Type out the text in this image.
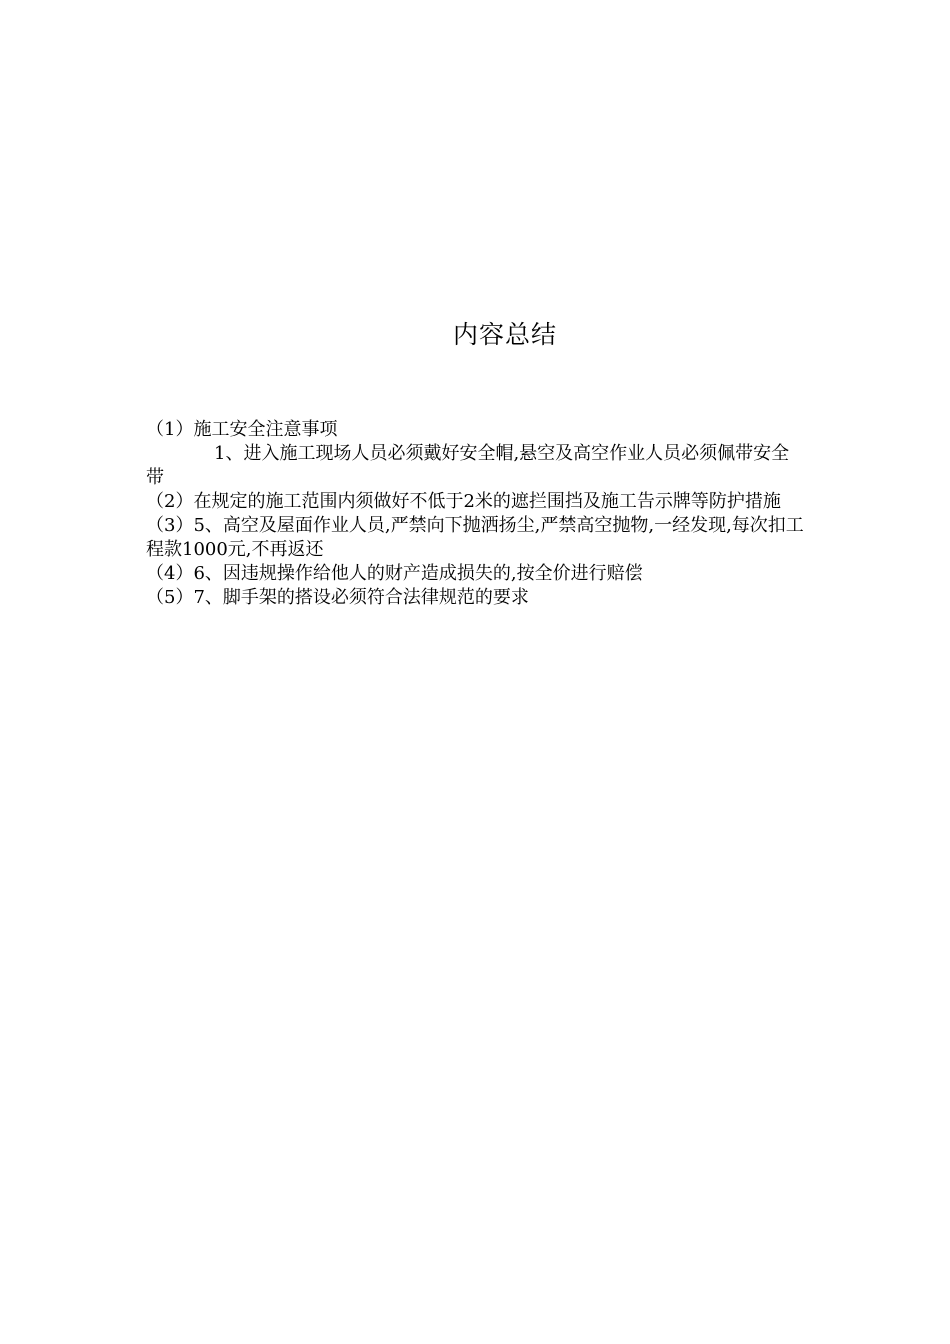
内容总结

（1）施工安全注意事项

1、进入施工现场人员必须戴好安全帽,悬空及高空作业人员必须佩带安全带

（2）在规定的施工范围内须做好不低于2米的遮拦围挡及施工告示牌等防护措施

（3）5、高空及屋面作业人员,严禁向下抛洒扬尘,严禁高空抛物,一经发现,每次扣工程款1000元,不再返还

（4）6、因违规操作给他人的财产造成损失的,按全价进行赔偿

（5）7、脚手架的搭设必须符合法律规范的要求
